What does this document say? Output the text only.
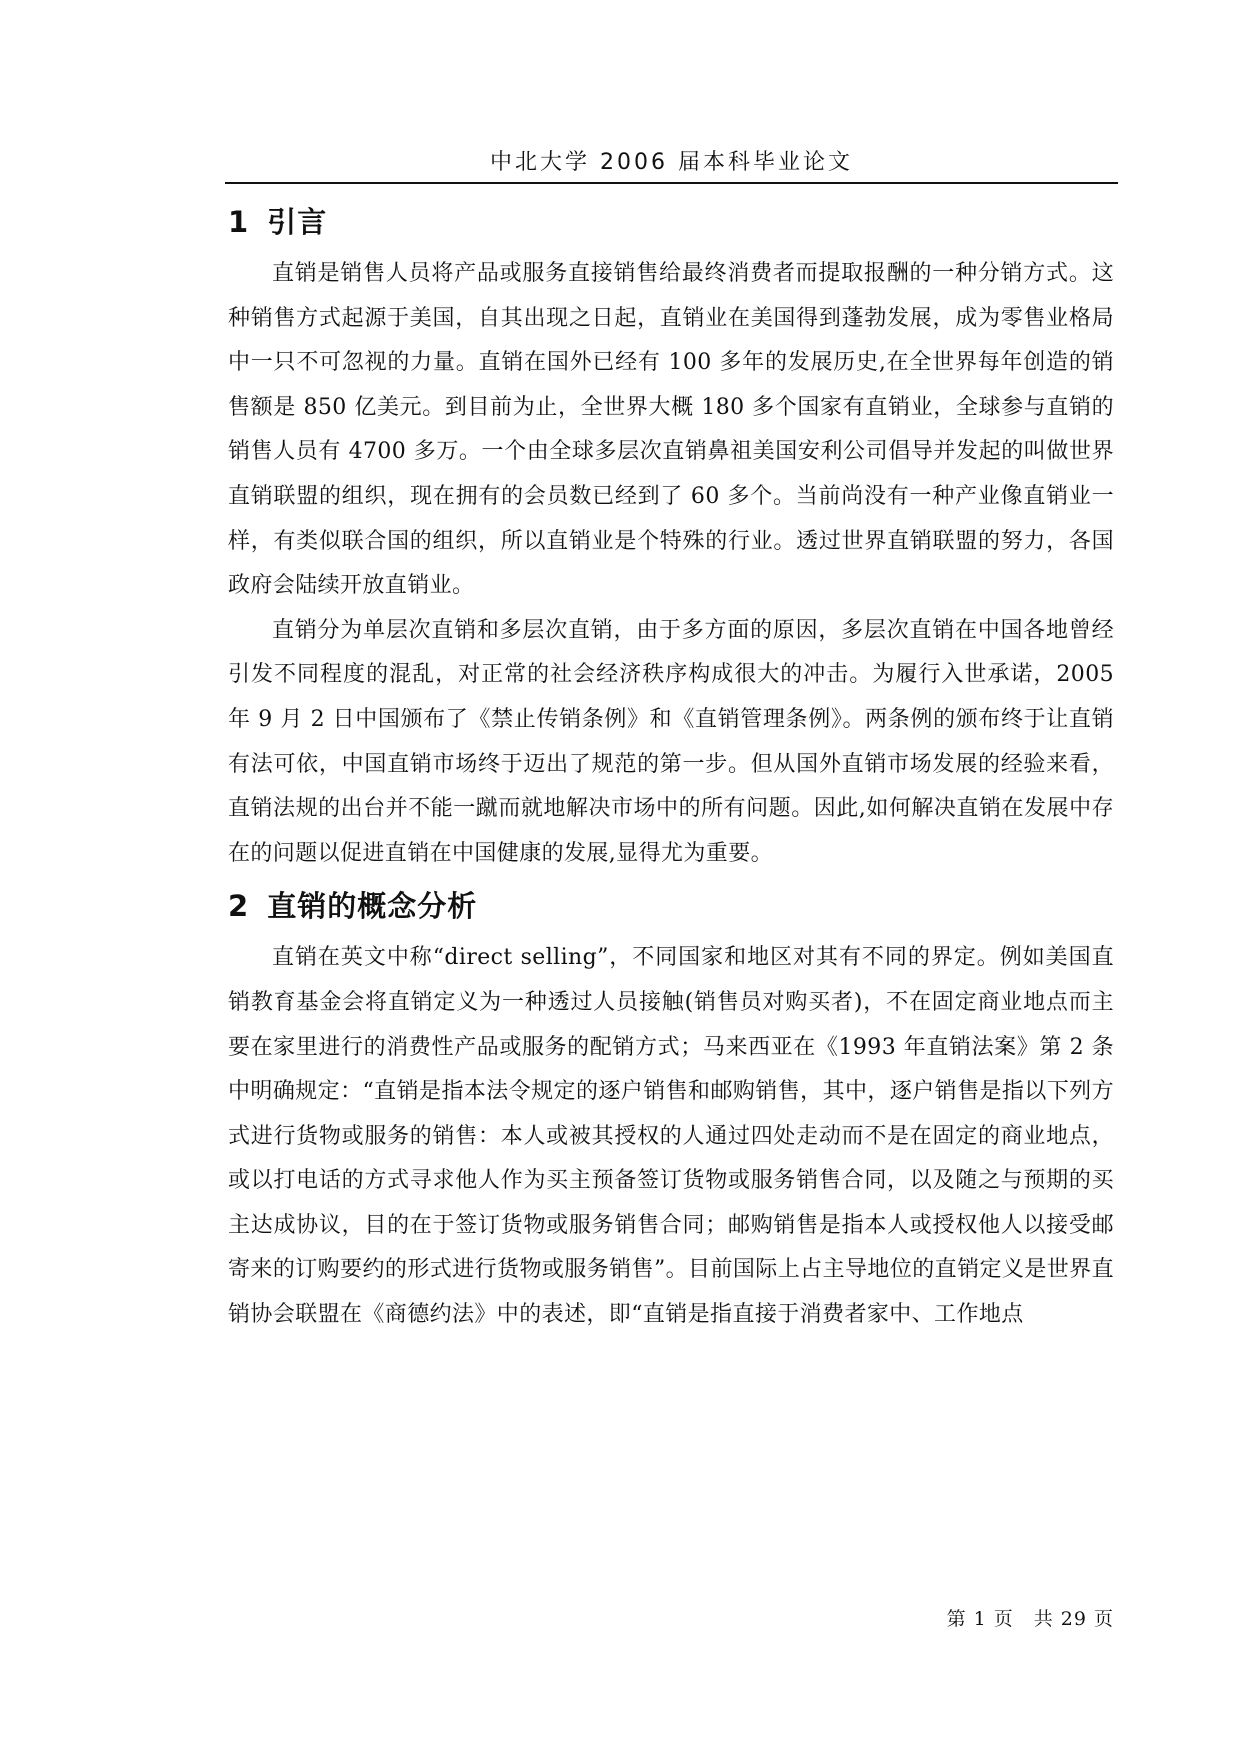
中北大学 2006 届本科毕业论文
1 引言

直销是销售人员将产品或服务直接销售给最终消费者而提取报酬的一种分销方式。这种销售方式起源于美国，自其出现之日起，直销业在美国得到蓬勃发展，成为零售业格局中一只不可忽视的力量。直销在国外已经有 100 多年的发展历史,在全世界每年创造的销售额是 850 亿美元。到目前为止，全世界大概 180 多个国家有直销业，全球参与直销的销售人员有 4700 多万。一个由全球多层次直销鼻祖美国安利公司倡导并发起的叫做世界直销联盟的组织，现在拥有的会员数已经到了 60 多个。当前尚没有一种产业像直销业一样，有类似联合国的组织，所以直销业是个特殊的行业。透过世界直销联盟的努力，各国政府会陆续开放直销业。

直销分为单层次直销和多层次直销，由于多方面的原因，多层次直销在中国各地曾经引发不同程度的混乱，对正常的社会经济秩序构成很大的冲击。为履行入世承诺，2005 年 9 月 2 日中国颁布了《禁止传销条例》和《直销管理条例》。两条例的颁布终于让直销有法可依，中国直销市场终于迈出了规范的第一步。但从国外直销市场发展的经验来看，直销法规的出台并不能一蹴而就地解决市场中的所有问题。因此,如何解决直销在发展中存在的问题以促进直销在中国健康的发展,显得尤为重要。

2 直销的概念分析

直销在英文中称“direct selling”，不同国家和地区对其有不同的界定。例如美国直销教育基金会将直销定义为一种透过人员接触(销售员对购买者)，不在固定商业地点而主要在家里进行的消费性产品或服务的配销方式；马来西亚在《1993 年直销法案》第 2 条中明确规定：“直销是指本法令规定的逐户销售和邮购销售，其中，逐户销售是指以下列方式进行货物或服务的销售：本人或被其授权的人通过四处走动而不是在固定的商业地点，或以打电话的方式寻求他人作为买主预备签订货物或服务销售合同，以及随之与预期的买主达成协议，目的在于签订货物或服务销售合同；邮购销售是指本人或授权他人以接受邮寄来的订购要约的形式进行货物或服务销售”。目前国际上占主导地位的直销定义是世界直销协会联盟在《商德约法》中的表述，即“直销是指直接于消费者家中、工作地点

第 1 页　共 29 页
